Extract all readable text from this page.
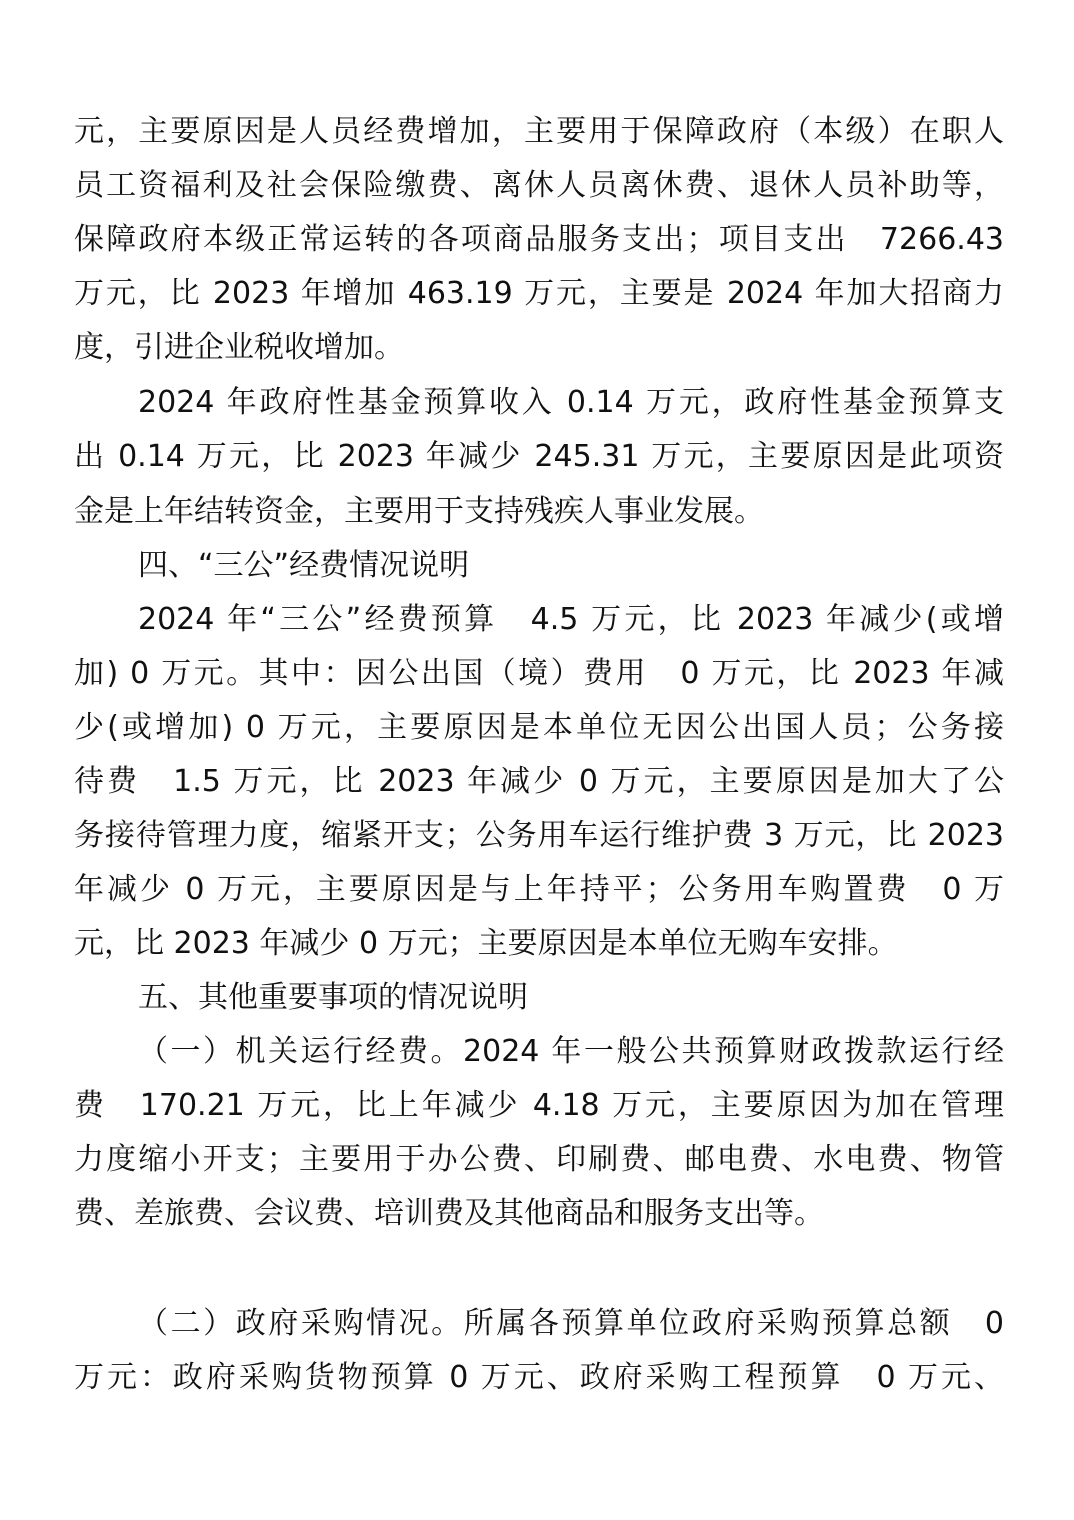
元，主要原因是人员经费增加，主要用于保障政府（本级）在职人
员工资福利及社会保险缴费、离休人员离休费、退休人员补助等，
保障政府本级正常运转的各项商品服务支出；项目支出　7266.43
万元，比 2023 年增加 463.19 万元，主要是 2024 年加大招商力
度，引进企业税收增加。
2024 年政府性基金预算收入 0.14 万元，政府性基金预算支
出 0.14 万元，比 2023 年减少 245.31 万元，主要原因是此项资
金是上年结转资金，主要用于支持残疾人事业发展。
四、“三公”经费情况说明
2024 年“三公”经费预算　4.5 万元，比 2023 年减少(或增
加) 0 万元。其中：因公出国（境）费用　0 万元，比 2023 年减
少(或增加) 0 万元，主要原因是本单位无因公出国人员；公务接
待费　1.5 万元，比 2023 年减少 0 万元，主要原因是加大了公
务接待管理力度，缩紧开支；公务用车运行维护费 3 万元，比 2023
年减少 0 万元，主要原因是与上年持平；公务用车购置费　0 万
元，比 2023 年减少 0 万元；主要原因是本单位无购车安排。
五、其他重要事项的情况说明
（一）机关运行经费。2024 年一般公共预算财政拨款运行经
费　170.21 万元，比上年减少 4.18 万元，主要原因为加在管理
力度缩小开支；主要用于办公费、印刷费、邮电费、水电费、物管
费、差旅费、会议费、培训费及其他商品和服务支出等。
（二）政府采购情况。所属各预算单位政府采购预算总额　0
万元：政府采购货物预算 0 万元、政府采购工程预算　0 万元、
